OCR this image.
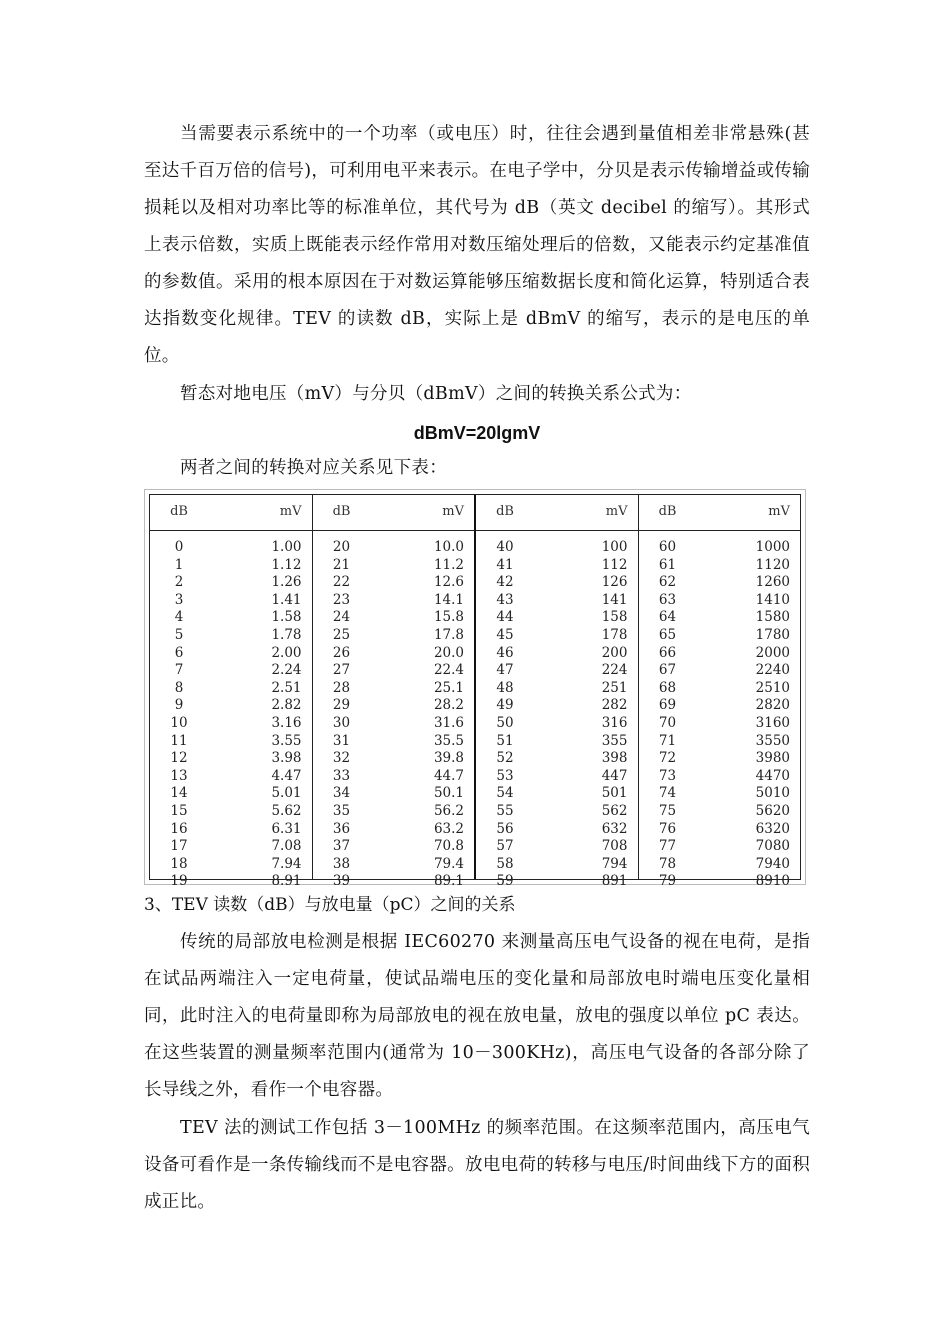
当需要表示系统中的一个功率（或电压）时，往往会遇到量值相差非常悬殊(甚至达千百万倍的信号)，可利用电平来表示。在电子学中，分贝是表示传输增益或传输损耗以及相对功率比等的标准单位，其代号为 dB（英文 decibel 的缩写）。其形式上表示倍数，实质上既能表示经作常用对数压缩处理后的倍数，又能表示约定基准值的参数值。采用的根本原因在于对数运算能够压缩数据长度和简化运算，特别适合表达指数变化规律。TEV 的读数 dB，实际上是 dBmV 的缩写，表示的是电压的单位。

暂态对地电压（mV）与分贝（dBmV）之间的转换关系公式为：

dBmV=20lgmV

两者之间的转换对应关系见下表：

dB	mV
0	1.00
1	1.12
2	1.26
3	1.41
4	1.58
5	1.78
6	2.00
7	2.24
8	2.51
9	2.82
10	3.16
11	3.55
12	3.98
13	4.47
14	5.01
15	5.62
16	6.31
17	7.08
18	7.94
19	8.91
dB	mV
20	10.0
21	11.2
22	12.6
23	14.1
24	15.8
25	17.8
26	20.0
27	22.4
28	25.1
29	28.2
30	31.6
31	35.5
32	39.8
33	44.7
34	50.1
35	56.2
36	63.2
37	70.8
38	79.4
39	89.1
dB	mV
40	100
41	112
42	126
43	141
44	158
45	178
46	200
47	224
48	251
49	282
50	316
51	355
52	398
53	447
54	501
55	562
56	632
57	708
58	794
59	891
dB	mV
60	1000
61	1120
62	1260
63	1410
64	1580
65	1780
66	2000
67	2240
68	2510
69	2820
70	3160
71	3550
72	3980
73	4470
74	5010
75	5620
76	6320
77	7080
78	7940
79	8910

3、TEV 读数（dB）与放电量（pC）之间的关系

传统的局部放电检测是根据 IEC60270 来测量高压电气设备的视在电荷，是指在试品两端注入一定电荷量，使试品端电压的变化量和局部放电时端电压变化量相同，此时注入的电荷量即称为局部放电的视在放电量，放电的强度以单位 pC 表达。在这些装置的测量频率范围内(通常为 10－300KHz)，高压电气设备的各部分除了长导线之外，看作一个电容器。

TEV 法的测试工作包括 3－100MHz 的频率范围。在这频率范围内，高压电气设备可看作是一条传输线而不是电容器。放电电荷的转移与电压/时间曲线下方的面积成正比。
